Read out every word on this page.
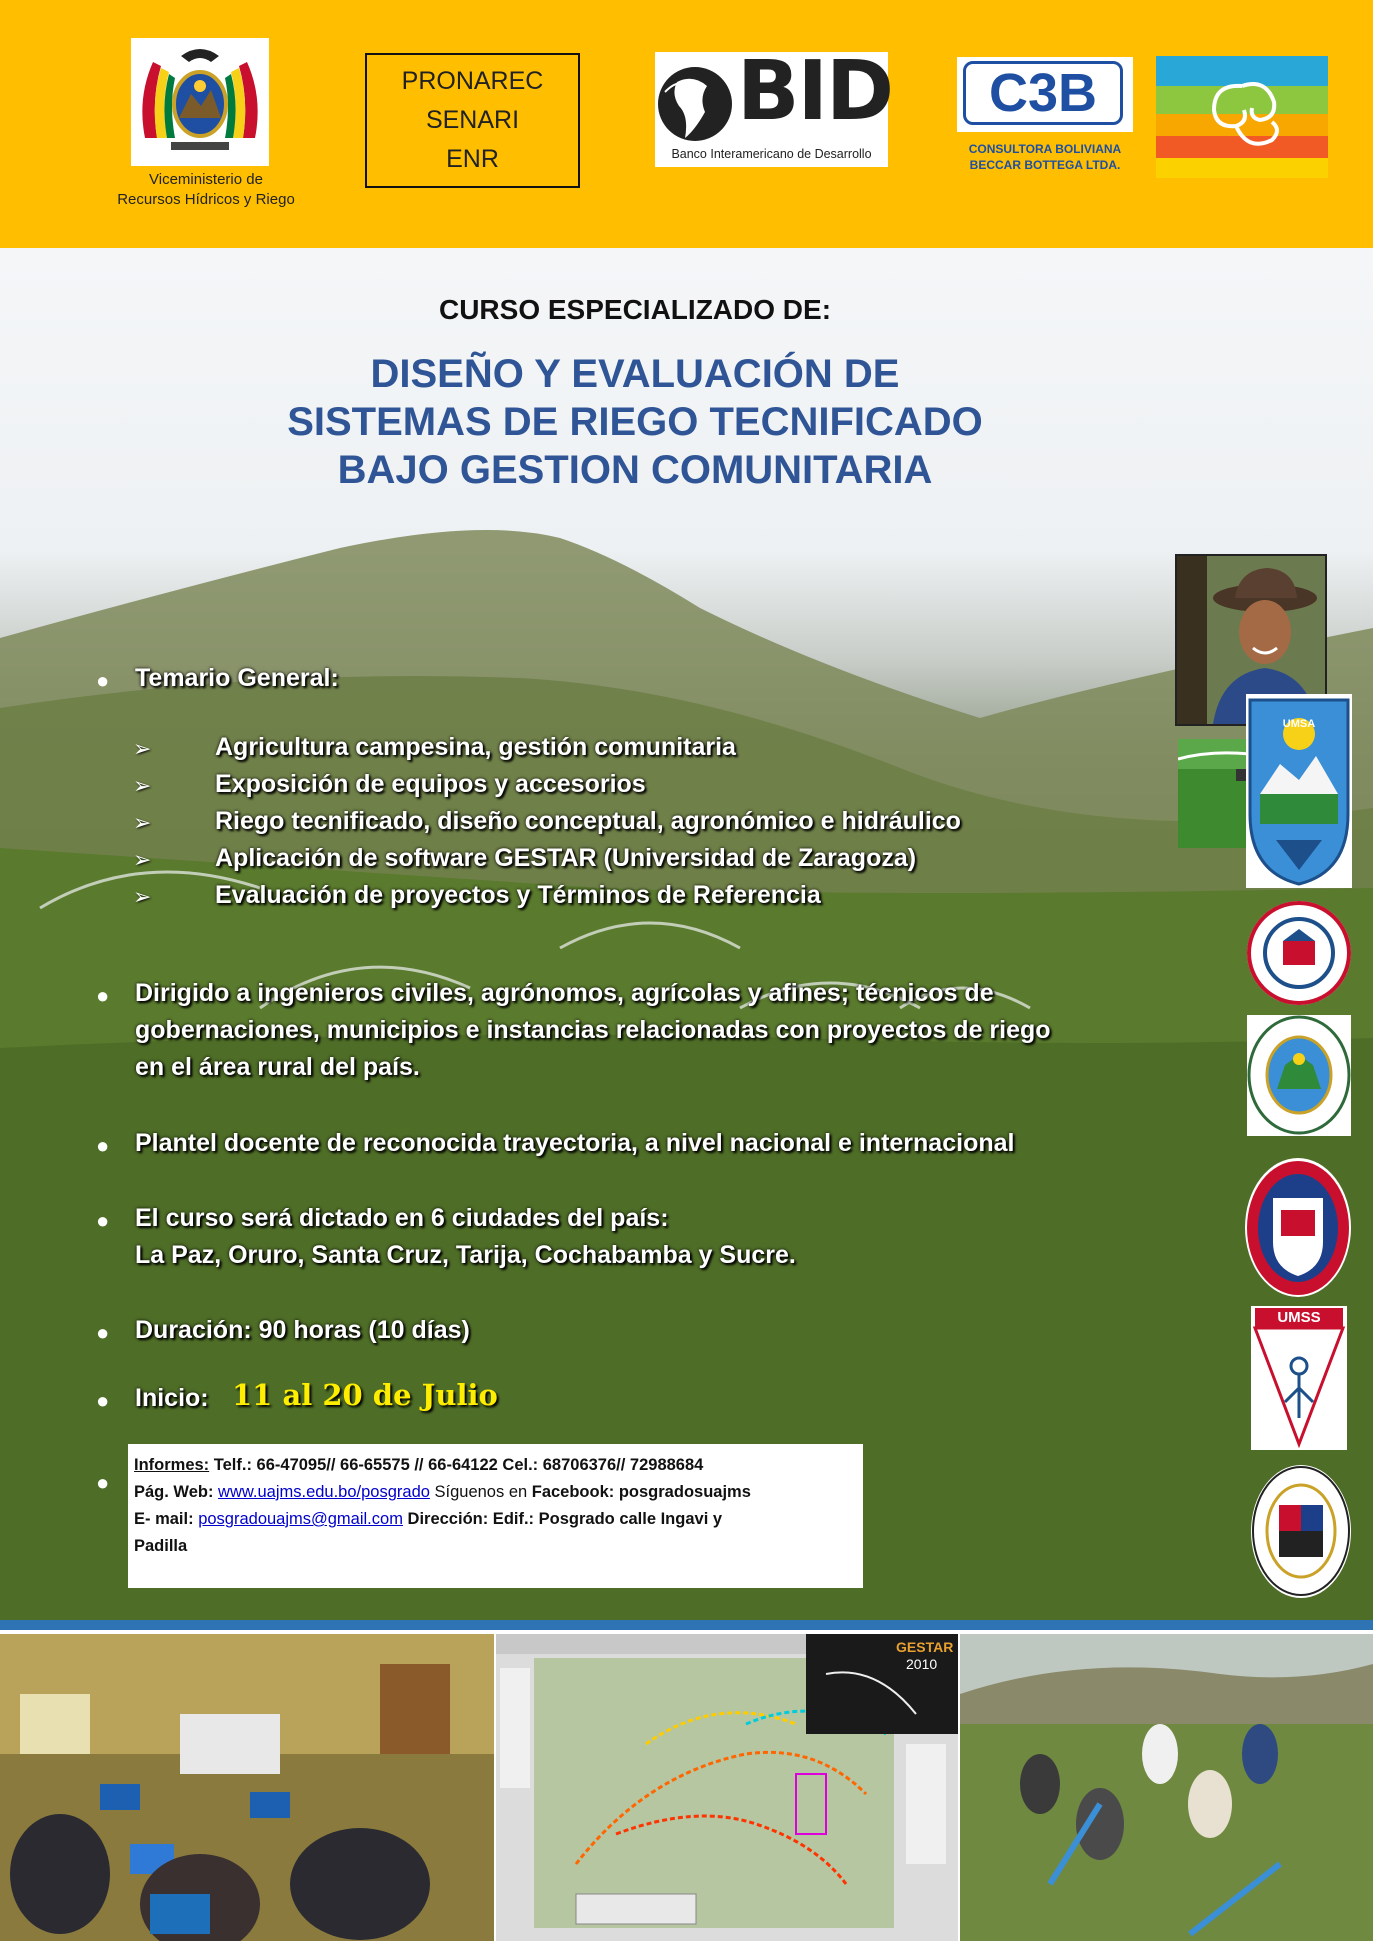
Viceministerio de
Recursos Hídricos y Riego
PRONAREC
SENARI
ENR
BID
Banco Interamericano de Desarrollo
C3B
CONSULTORA BOLIVIANA
BECCAR BOTTEGA LTDA.
CURSO ESPECIALIZADO DE:
DISEÑO Y EVALUACIÓN DE
SISTEMAS DE RIEGO TECNIFICADO
BAJO GESTION COMUNITARIA
UMSA
UMSS
● Temario General:
➢	Agricultura campesina, gestión comunitaria
➢	Exposición de equipos y accesorios
➢	Riego tecnificado, diseño conceptual, agronómico e hidráulico
➢	Aplicación de software GESTAR (Universidad de Zaragoza)
➢	Evaluación de proyectos y Términos de Referencia
● Dirigido a ingenieros civiles, agrónomos, agrícolas y afines; técnicos de
gobernaciones, municipios e instancias relacionadas con proyectos de riego
en el área rural del país.
● Plantel docente de reconocida trayectoria, a nivel nacional e internacional
● El curso será dictado en 6 ciudades del país:
La Paz, Oruro, Santa Cruz, Tarija, Cochabamba y Sucre.
● Duración: 90 horas (10 días)
● Inicio:
●
11 al 20 de Julio
Informes: Telf.: 66-47095// 66-65575 // 66-64122 Cel.: 68706376// 72988684
Pág. Web: www.uajms.edu.bo/posgrado Síguenos en Facebook: posgradosuajms
E- mail: posgradouajms@gmail.com Dirección: Edif.: Posgrado calle Ingavi y
Padilla
GESTAR
2010
